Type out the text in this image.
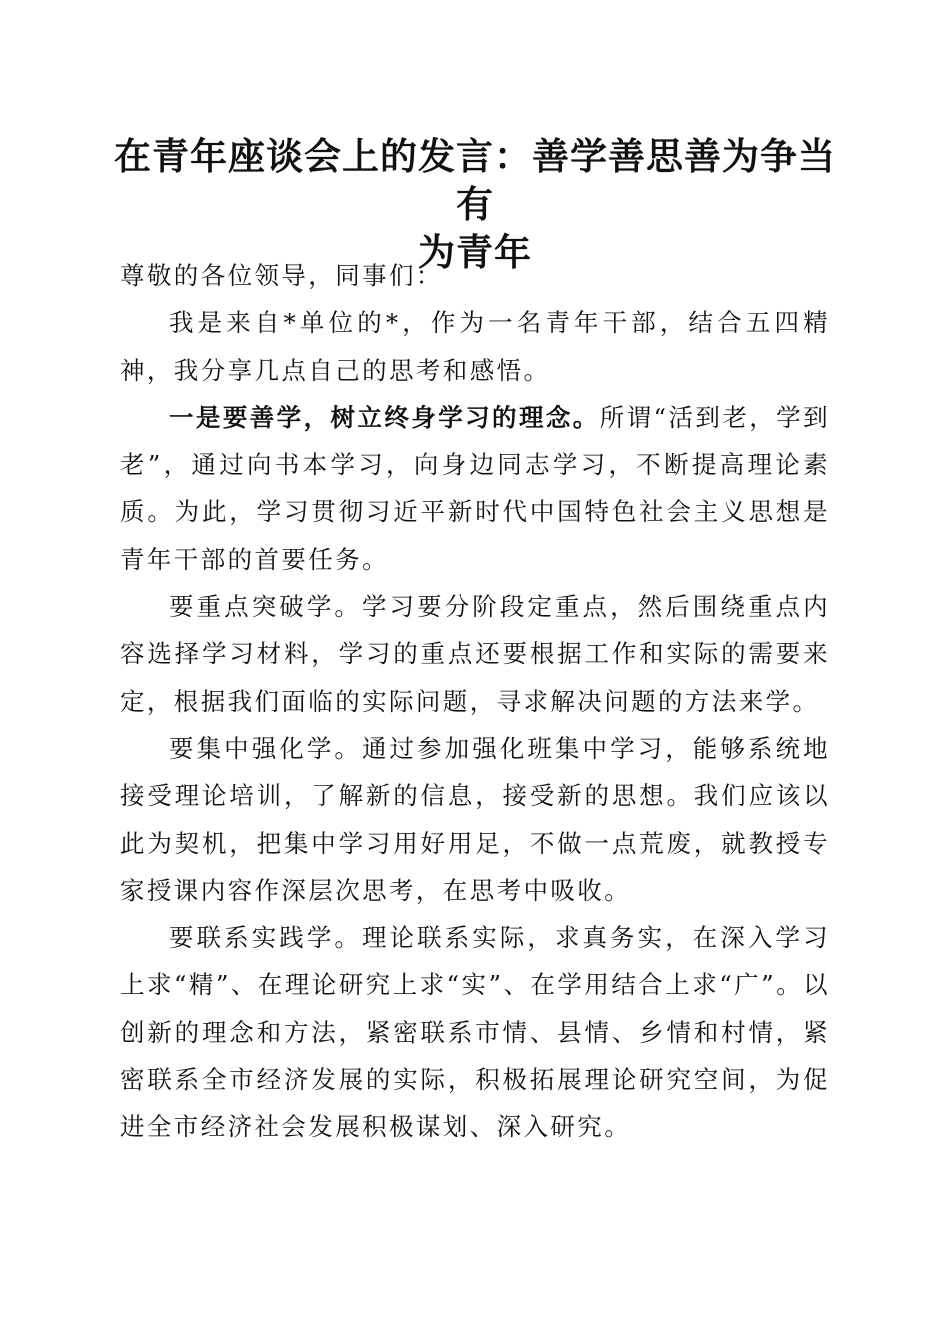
在青年座谈会上的发言：善学善思善为争当有
为青年

尊敬的各位领导，同事们：

我是来自*单位的*，作为一名青年干部，结合五四精神，我分享几点自己的思考和感悟。

一是要善学，树立终身学习的理念。所谓“活到老，学到老”，通过向书本学习，向身边同志学习，不断提高理论素质。为此，学习贯彻习近平新时代中国特色社会主义思想是青年干部的首要任务。

要重点突破学。学习要分阶段定重点，然后围绕重点内容选择学习材料，学习的重点还要根据工作和实际的需要来定，根据我们面临的实际问题，寻求解决问题的方法来学。

要集中强化学。通过参加强化班集中学习，能够系统地接受理论培训，了解新的信息，接受新的思想。我们应该以此为契机，把集中学习用好用足，不做一点荒废，就教授专家授课内容作深层次思考，在思考中吸收。

要联系实践学。理论联系实际，求真务实，在深入学习上求“精”、在理论研究上求“实”、在学用结合上求“广”。以创新的理念和方法，紧密联系市情、县情、乡情和村情，紧密联系全市经济发展的实际，积极拓展理论研究空间，为促进全市经济社会发展积极谋划、深入研究。
